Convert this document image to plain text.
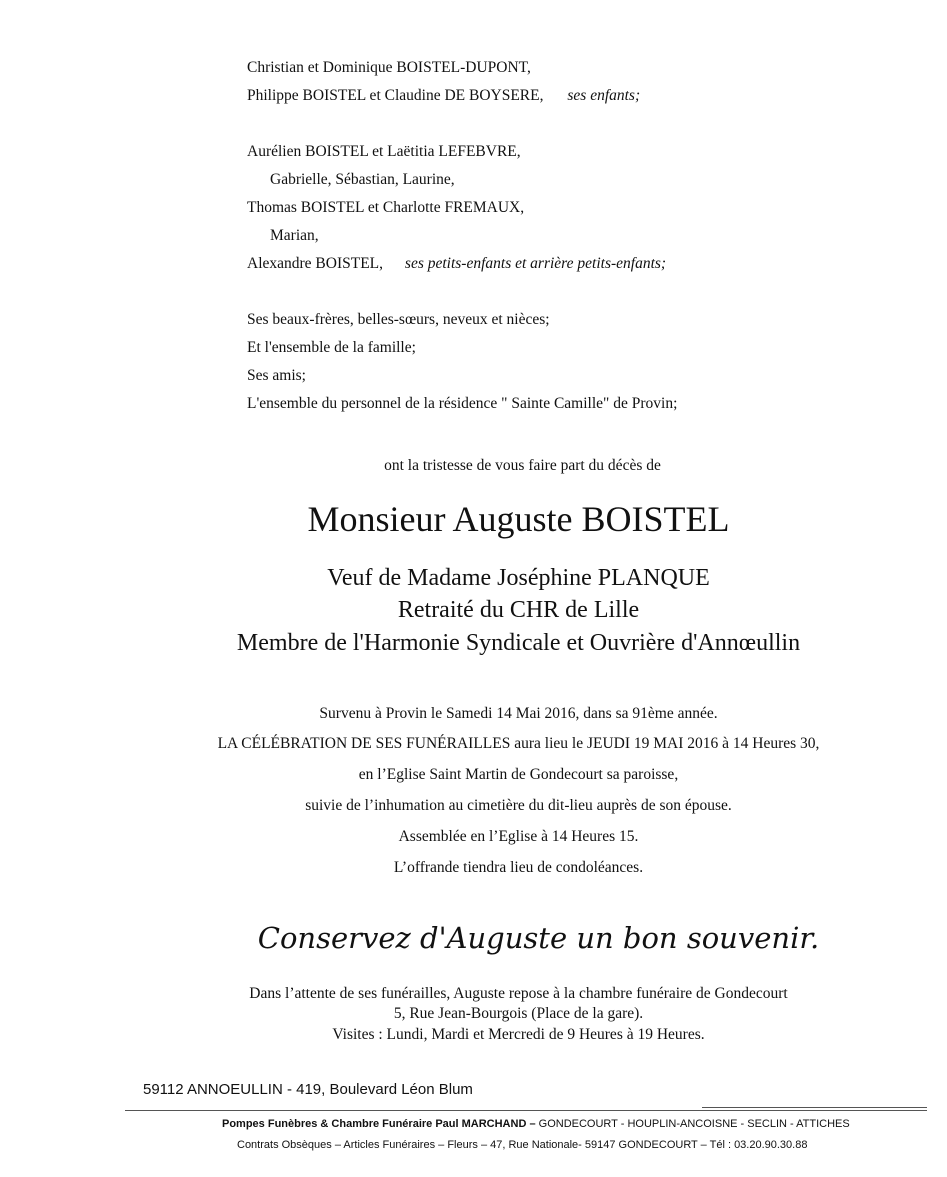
Christian et Dominique BOISTEL-DUPONT,
Philippe BOISTEL et Claudine DE BOYSERE, ses enfants;
Aurélien BOISTEL et Laëtitia LEFEBVRE,
Gabrielle, Sébastian, Laurine,
Thomas BOISTEL et Charlotte FREMAUX,
Marian,
Alexandre BOISTEL, ses petits-enfants et arrière petits-enfants;
Ses beaux-frères, belles-sœurs, neveux et nièces;
Et l'ensemble de la famille;
Ses amis;
L'ensemble du personnel de la résidence " Sainte Camille" de Provin;
ont la tristesse de vous faire part du décès de
Monsieur Auguste BOISTEL
Veuf de Madame Joséphine PLANQUE
Retraité du CHR de Lille
Membre de l'Harmonie Syndicale et Ouvrière d'Annœullin
Survenu à Provin le Samedi 14 Mai 2016, dans sa 91ème année.
LA CÉLÉBRATION DE SES FUNÉRAILLES aura lieu le JEUDI 19 MAI 2016 à 14 Heures 30,
en l’Eglise Saint Martin de Gondecourt sa paroisse,
suivie de l’inhumation au cimetière du dit-lieu auprès de son épouse.
Assemblée en l’Eglise à 14 Heures 15.
L’offrande tiendra lieu de condoléances.
Conservez d'Auguste un bon souvenir.
Dans l’attente de ses funérailles, Auguste repose à la chambre funéraire de Gondecourt
5, Rue Jean-Bourgois (Place de la gare).
Visites : Lundi, Mardi et Mercredi de 9 Heures à 19 Heures.
59112 ANNOEULLIN - 419, Boulevard Léon Blum
Pompes Funèbres & Chambre Funéraire Paul MARCHAND – GONDECOURT - HOUPLIN-ANCOISNE - SECLIN - ATTICHES
Contrats Obsèques – Articles Funéraires – Fleurs – 47, Rue Nationale- 59147 GONDECOURT – Tél : 03.20.90.30.88
